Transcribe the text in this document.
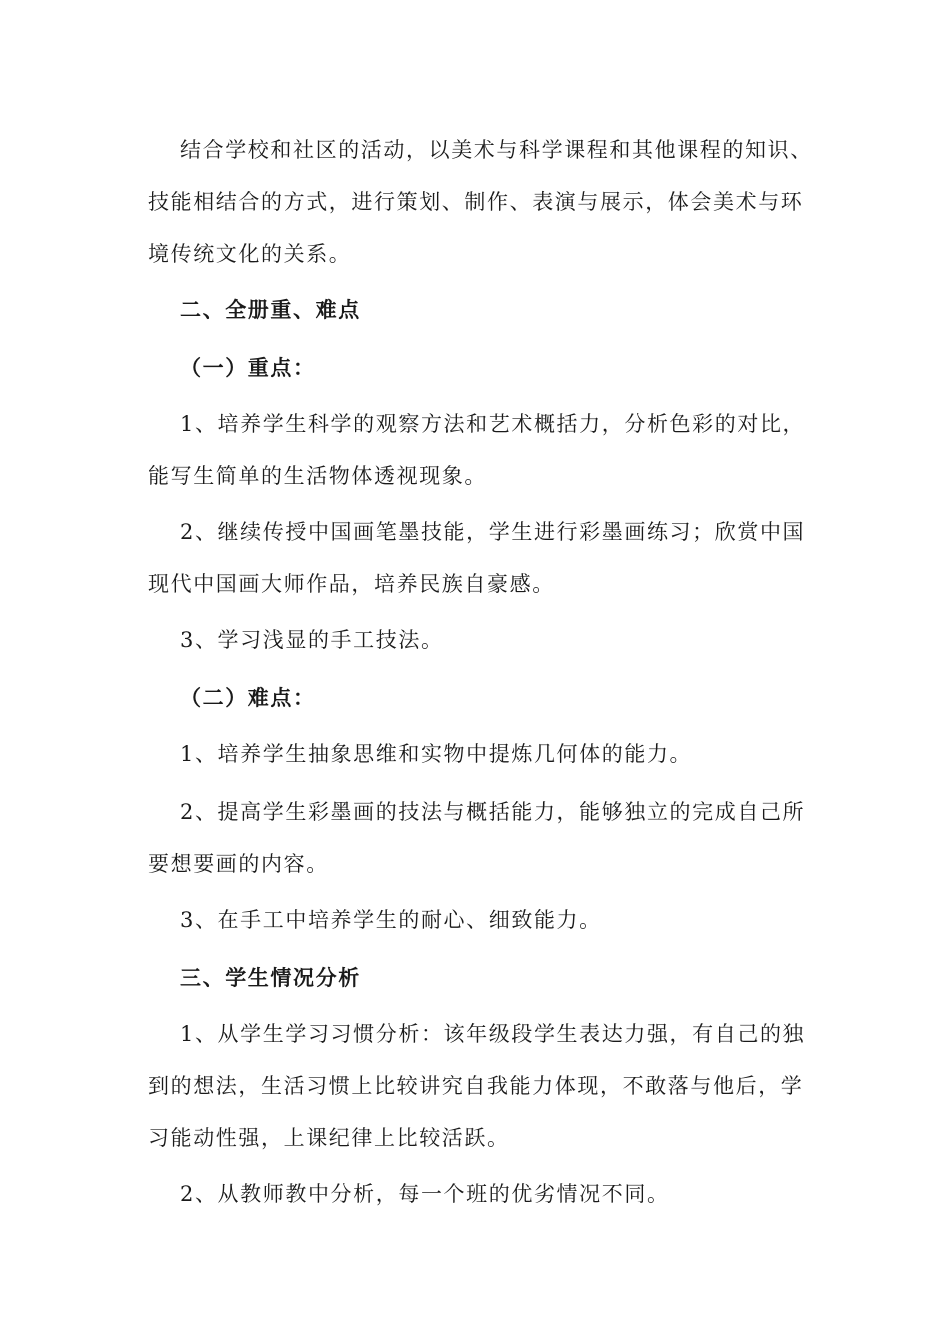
结合学校和社区的活动，以美术与科学课程和其他课程的知识、
技能相结合的方式，进行策划、制作、表演与展示，体会美术与环
境传统文化的关系。
二、全册重、难点
（一）重点：
1、培养学生科学的观察方法和艺术概括力，分析色彩的对比，
能写生简单的生活物体透视现象。
2、继续传授中国画笔墨技能，学生进行彩墨画练习；欣赏中国
现代中国画大师作品，培养民族自豪感。
3、学习浅显的手工技法。
（二）难点：
1、培养学生抽象思维和实物中提炼几何体的能力。
2、提高学生彩墨画的技法与概括能力，能够独立的完成自己所
要想要画的内容。
3、在手工中培养学生的耐心、细致能力。
三、学生情况分析
1、从学生学习习惯分析：该年级段学生表达力强，有自己的独
到的想法，生活习惯上比较讲究自我能力体现，不敢落与他后，学
习能动性强，上课纪律上比较活跃。
2、从教师教中分析，每一个班的优劣情况不同。
